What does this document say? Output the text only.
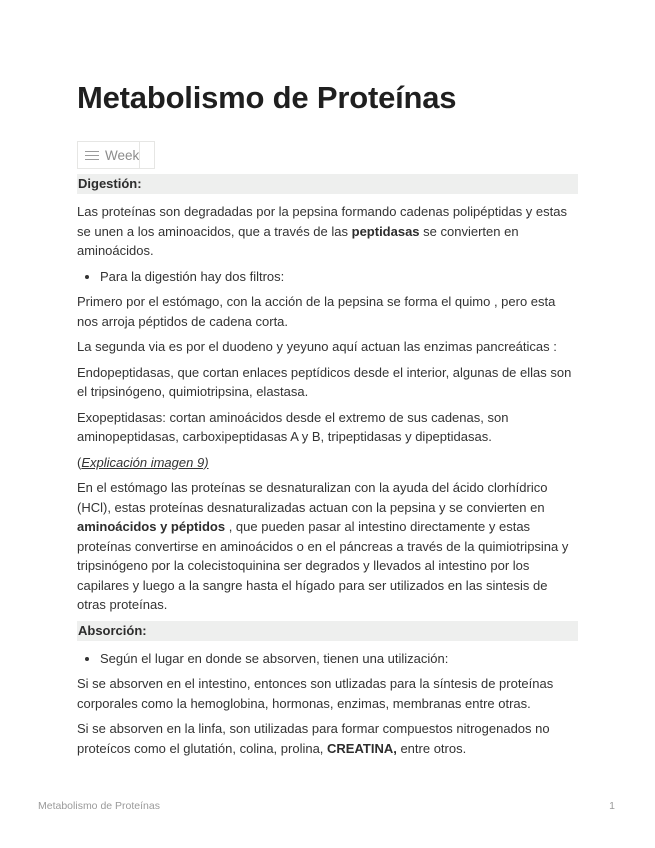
Metabolismo de Proteínas
Week
Digestión:

Las proteínas son degradadas por la pepsina formando cadenas polipéptidas y estas se unen a los aminoacidos, que a través de las peptidasas se convierten en aminoácidos.

• Para la digestión hay dos filtros:

Primero por el estómago, con la acción de la pepsina se forma el quimo , pero esta nos arroja péptidos de cadena corta.

La segunda via es por el duodeno y yeyuno aquí actuan las enzimas pancreáticas :

Endopeptidasas, que cortan enlaces peptídicos desde el interior, algunas de ellas son el tripsinógeno, quimiotripsina, elastasa.

Exopeptidasas: cortan aminoácidos desde el extremo de sus cadenas, son aminopeptidasas, carboxipeptidasas A y B, tripeptidasas y dipeptidasas.

(Explicación imagen 9)

En el estómago las proteínas se desnaturalizan con la ayuda del ácido clorhídrico (HCl), estas proteínas desnaturalizadas actuan con la pepsina y se convierten en aminoácidos y péptidos , que pueden pasar al intestino directamente y estas proteínas convertirse en aminoácidos o en el páncreas a través de la quimiotripsina y tripsinógeno por la colecistoquinina ser degrados y llevados al intestino por los capilares y luego a la sangre hasta el hígado para ser utilizados en las sintesis de otras proteínas.

Absorción:
• Según el lugar en donde se absorven, tienen una utilización:

Si se absorven en el intestino, entonces son utlizadas para la síntesis de proteínas corporales como la hemoglobina, hormonas, enzimas, membranas entre otras.

Si se absorven en la linfa, son utilizadas para formar compuestos nitrogenados no proteícos como el glutatión, colina, prolina, CREATINA, entre otros.

Metabolismo de Proteínas	1
